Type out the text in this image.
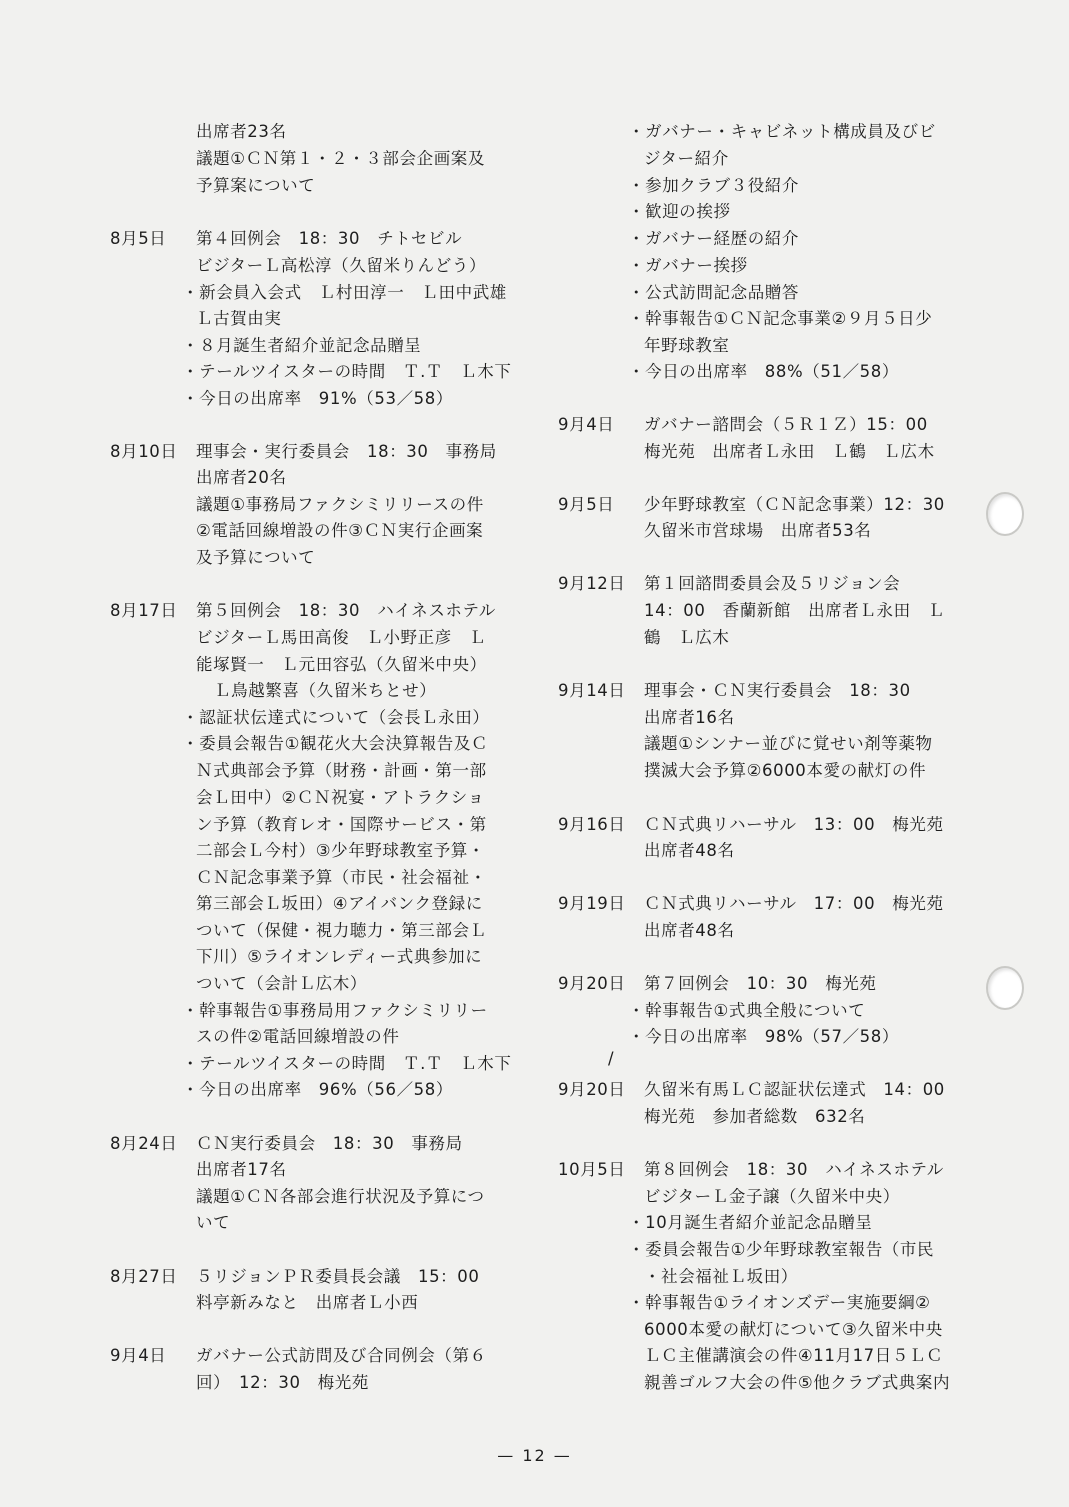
出席者23名
議題①ＣＮ第１・２・３部会企画案及
予算案について
8月5日 第４回例会　18：30　チトセビル
ビジターＬ高松淳（久留米りんどう）
・新会員入会式　Ｌ村田淳一　Ｌ田中武雄
Ｌ古賀由実
・８月誕生者紹介並記念品贈呈
・テールツイスターの時間　Ｔ.Ｔ　Ｌ木下
・今日の出席率　91%（53／58）
8月10日 理事会・実行委員会　18：30　事務局
出席者20名
議題①事務局ファクシミリリースの件
②電話回線増設の件③ＣＮ実行企画案
及予算について
8月17日 第５回例会　18：30　ハイネスホテル
ビジターＬ馬田高俊　Ｌ小野正彦　Ｌ
能塚賢一　Ｌ元田容弘（久留米中央）
Ｌ鳥越繁喜（久留米ちとせ）
・認証状伝達式について（会長Ｌ永田）
・委員会報告①観花火大会決算報告及Ｃ
Ｎ式典部会予算（財務・計画・第一部
会Ｌ田中）②ＣＮ祝宴・アトラクショ
ン予算（教育レオ・国際サービス・第
二部会Ｌ今村）③少年野球教室予算・
ＣＮ記念事業予算（市民・社会福祉・
第三部会Ｌ坂田）④アイバンク登録に
ついて（保健・視力聴力・第三部会Ｌ
下川）⑤ライオンレディー式典参加に
ついて（会計Ｌ広木）
・幹事報告①事務局用ファクシミリリー
スの件②電話回線増設の件
・テールツイスターの時間　Ｔ.Ｔ　Ｌ木下
・今日の出席率　96%（56／58）
8月24日 ＣＮ実行委員会　18：30　事務局
出席者17名
議題①ＣＮ各部会進行状況及予算につ
いて
8月27日 ５リジョンＰＲ委員長会議　15：00
料亭新みなと　出席者Ｌ小西
9月4日 ガバナー公式訪問及び合同例会（第６
回）　12：30　梅光苑
/
・ガバナー・キャビネット構成員及びビ
ジター紹介
・参加クラブ３役紹介
・歓迎の挨拶
・ガバナー経歴の紹介
・ガバナー挨拶
・公式訪問記念品贈答
・幹事報告①ＣＮ記念事業②９月５日少
年野球教室
・今日の出席率　88%（51／58）
9月4日 ガバナー諮問会（５Ｒ１Ｚ）15：00
梅光苑　出席者Ｌ永田　Ｌ鶴　Ｌ広木
9月5日 少年野球教室（ＣＮ記念事業）12：30
久留米市営球場　出席者53名
9月12日 第１回諮問委員会及５リジョン会
14：00　香蘭新館　出席者Ｌ永田　Ｌ
鶴　Ｌ広木
9月14日 理事会・ＣＮ実行委員会　18：30
出席者16名
議題①シンナー並びに覚せい剤等薬物
撲滅大会予算②6000本愛の献灯の件
9月16日 ＣＮ式典リハーサル　13：00　梅光苑
出席者48名
9月19日 ＣＮ式典リハーサル　17：00　梅光苑
出席者48名
9月20日 第７回例会　10：30　梅光苑
・幹事報告①式典全般について
・今日の出席率　98%（57／58）
9月20日 久留米有馬ＬＣ認証状伝達式　14：00
梅光苑　参加者総数　632名
10月5日 第８回例会　18：30　ハイネスホテル
ビジターＬ金子譲（久留米中央）
・10月誕生者紹介並記念品贈呈
・委員会報告①少年野球教室報告（市民
・社会福祉Ｌ坂田）
・幹事報告①ライオンズデー実施要綱②
6000本愛の献灯について③久留米中央
ＬＣ主催講演会の件④11月17日５ＬＣ
親善ゴルフ大会の件⑤他クラブ式典案内
— 12 —
